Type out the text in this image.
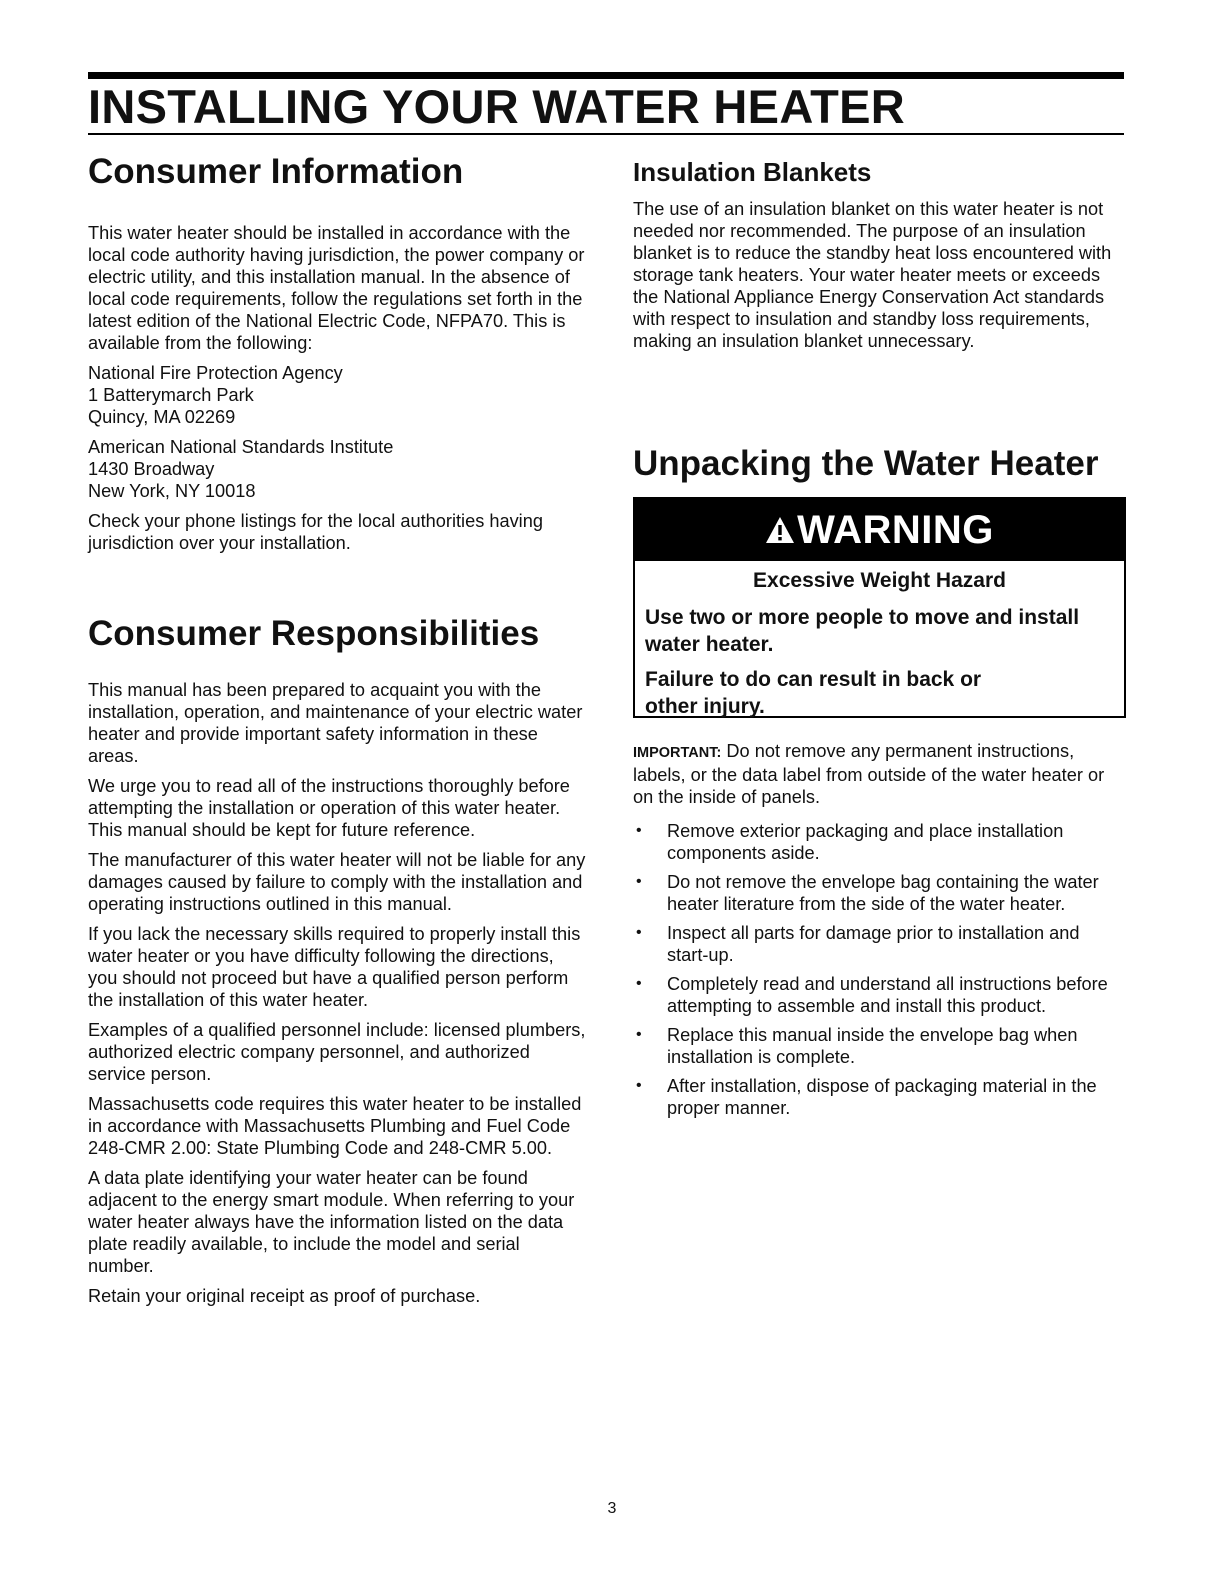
INSTALLING YOUR WATER HEATER
Consumer Information

This water heater should be installed in accordance with the local code authority having jurisdiction, the power company or electric utility, and this installation manual. In the absence of local code requirements, follow the regulations set forth in the latest edition of the National Electric Code, NFPA70. This is available from the following:

National Fire Protection Agency

1 Batterymarch Park

Quincy, MA 02269

American National Standards Institute

1430 Broadway

New York, NY 10018

Check your phone listings for the local authorities having jurisdiction over your installation.

Consumer Responsibilities

This manual has been prepared to acquaint you with the installation, operation, and maintenance of your electric water heater and provide important safety information in these areas.

We urge you to read all of the instructions thoroughly before attempting the installation or operation of this water heater. This manual should be kept for future reference.

The manufacturer of this water heater will not be liable for any damages caused by failure to comply with the installation and operating instructions outlined in this manual.

If you lack the necessary skills required to properly install this water heater or you have difficulty following the directions, you should not proceed but have a qualified person perform the installation of this water heater.

Examples of a qualified personnel include: licensed plumbers, authorized electric company personnel, and authorized service person.

Massachusetts code requires this water heater to be installed in accordance with Massachusetts Plumbing and Fuel Code 248-CMR 2.00: State Plumbing Code and 248-CMR 5.00.

A data plate identifying your water heater can be found adjacent to the energy smart module. When referring to your water heater always have the information listed on the data plate readily available, to include the model and serial number.

Retain your original receipt as proof of purchase.

Insulation Blankets

The use of an insulation blanket on this water heater is not needed nor recommended. The purpose of an insulation blanket is to reduce the standby heat loss encountered with storage tank heaters. Your water heater meets or exceeds the National Appliance Energy Conservation Act standards with respect to insulation and standby loss requirements, making an insulation blanket unnecessary.

Unpacking the Water Heater
WARNING
Excessive Weight Hazard
Use two or more people to move and install water heater.
Failure to do can result in back or other injury.

IMPORTANT: Do not remove any permanent instructions, labels, or the data label from outside of the water heater or on the inside of panels.

• Remove exterior packaging and place installation components aside.
• Do not remove the envelope bag containing the water heater literature from the side of the water heater.
• Inspect all parts for damage prior to installation and start-up.
• Completely read and understand all instructions before attempting to assemble and install this product.
• Replace this manual inside the envelope bag when installation is complete.
• After installation, dispose of packaging material in the proper manner.
3
